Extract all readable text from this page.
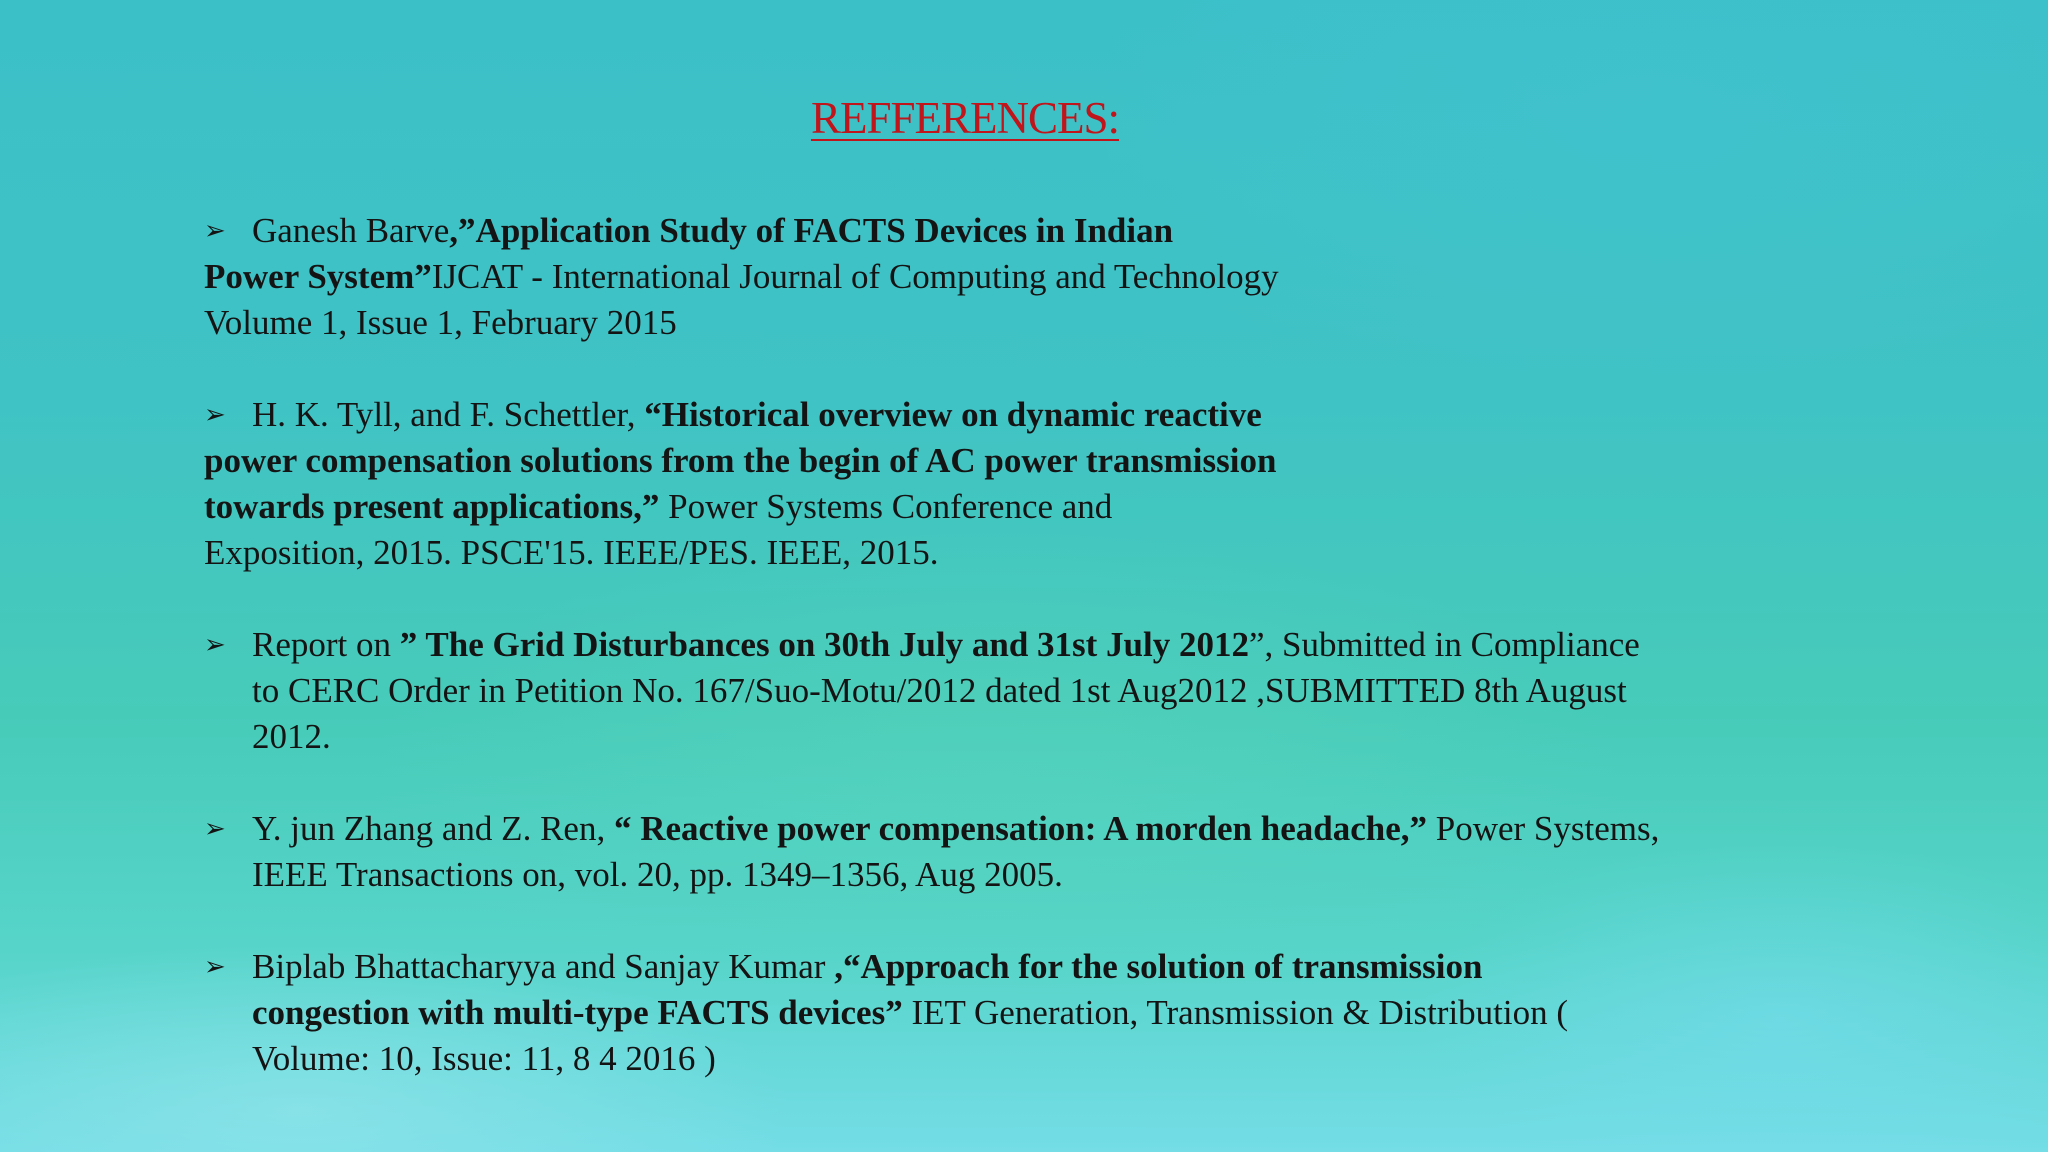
REFFERENCES:
➢ Ganesh Barve,”Application Study of FACTS Devices in Indian
Power System”IJCAT - International Journal of Computing and Technology
Volume 1, Issue 1, February 2015
➢ H. K. Tyll, and F. Schettler, “Historical overview on dynamic reactive
power compensation solutions from the begin of AC power transmission
towards present applications,” Power Systems Conference and
Exposition, 2015. PSCE'15. IEEE/PES. IEEE, 2015.
➢ Report on ” The Grid Disturbances on 30th July and 31st July 2012”, Submitted in Compliance
to CERC Order in Petition No. 167/Suo-Motu/2012 dated 1st Aug2012 ,SUBMITTED 8th August
2012.
➢ Y. jun Zhang and Z. Ren, “ Reactive power compensation: A morden headache,” Power Systems,
IEEE Transactions on, vol. 20, pp. 1349–1356, Aug 2005.
➢ Biplab Bhattacharyya and Sanjay Kumar ,“Approach for the solution of transmission
congestion with multi-type FACTS devices” IET Generation, Transmission & Distribution (
Volume: 10, Issue: 11, 8 4 2016 )
